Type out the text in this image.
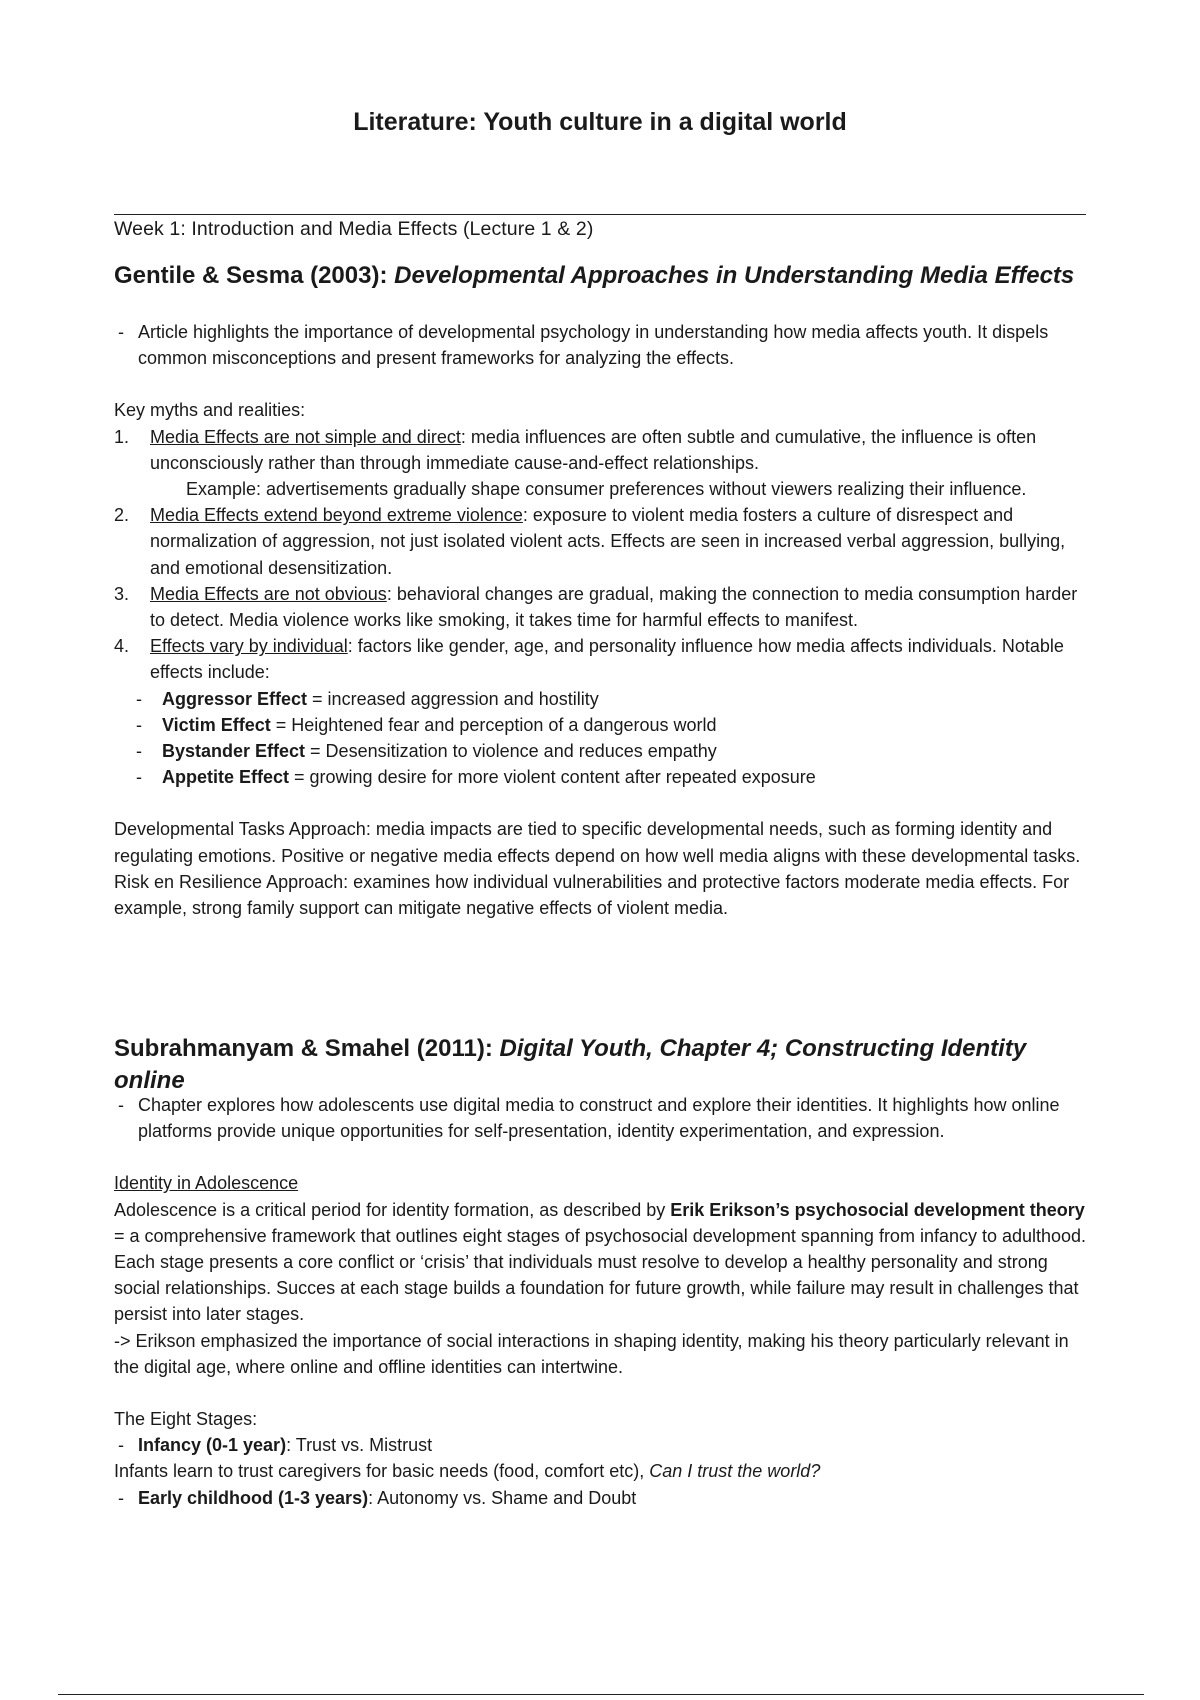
Literature: Youth culture in a digital world
Week 1: Introduction and Media Effects (Lecture 1 & 2)
Gentile & Sesma (2003): Developmental Approaches in Understanding Media Effects

- Article highlights the importance of developmental psychology in understanding how media affects youth. It dispels common misconceptions and present frameworks for analyzing the effects.

Key myths and realities:

1. Media Effects are not simple and direct: media influences are often subtle and cumulative, the influence is often unconsciously rather than through immediate cause-and-effect relationships.

Example: advertisements gradually shape consumer preferences without viewers realizing their influence.

2. Media Effects extend beyond extreme violence: exposure to violent media fosters a culture of disrespect and normalization of aggression, not just isolated violent acts. Effects are seen in increased verbal aggression, bullying, and emotional desensitization.
3. Media Effects are not obvious: behavioral changes are gradual, making the connection to media consumption harder to detect. Media violence works like smoking, it takes time for harmful effects to manifest.
4. Effects vary by individual: factors like gender, age, and personality influence how media affects individuals. Notable effects include:

- Aggressor Effect = increased aggression and hostility

- Victim Effect = Heightened fear and perception of a dangerous world

- Bystander Effect = Desensitization to violence and reduces empathy

- Appetite Effect = growing desire for more violent content after repeated exposure

Developmental Tasks Approach: media impacts are tied to specific developmental needs, such as forming identity and regulating emotions. Positive or negative media effects depend on how well media aligns with these developmental tasks.

Risk en Resilience Approach: examines how individual vulnerabilities and protective factors moderate media effects. For example, strong family support can mitigate negative effects of violent media.

Subrahmanyam & Smahel (2011): Digital Youth, Chapter 4; Constructing Identity online

- Chapter explores how adolescents use digital media to construct and explore their identities. It highlights how online platforms provide unique opportunities for self-presentation, identity experimentation, and expression.

Identity in Adolescence

Adolescence is a critical period for identity formation, as described by Erik Erikson’s psychosocial development theory = a comprehensive framework that outlines eight stages of psychosocial development spanning from infancy to adulthood. Each stage presents a core conflict or ‘crisis’ that individuals must resolve to develop a healthy personality and strong social relationships. Succes at each stage builds a foundation for future growth, while failure may result in challenges that persist into later stages.

-> Erikson emphasized the importance of social interactions in shaping identity, making his theory particularly relevant in the digital age, where online and offline identities can intertwine.

The Eight Stages:

- Infancy (0-1 year): Trust vs. Mistrust

Infants learn to trust caregivers for basic needs (food, comfort etc), Can I trust the world?

- Early childhood (1-3 years): Autonomy vs. Shame and Doubt
